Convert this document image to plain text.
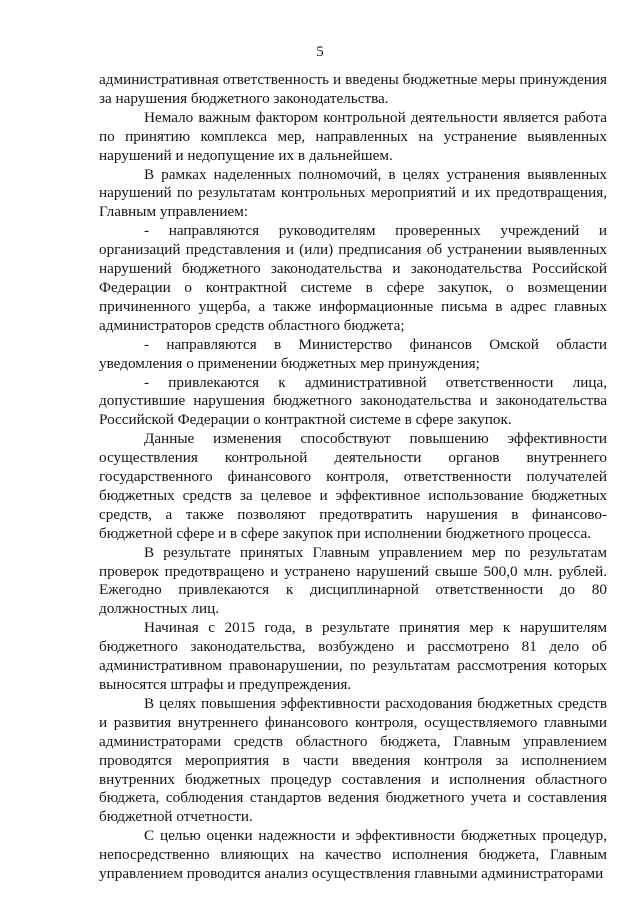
5

административная ответственность и введены бюджетные меры принуждения за нарушения бюджетного законодательства.

Немало важным фактором контрольной деятельности является работа по принятию комплекса мер, направленных на устранение выявленных нарушений и недопущение их в дальнейшем.

В рамках наделенных полномочий, в целях устранения выявленных нарушений по результатам контрольных мероприятий и их предотвращения, Главным управлением:

- направляются руководителям проверенных учреждений и организаций представления и (или) предписания об устранении выявленных нарушений бюджетного законодательства и законодательства Российской Федерации о контрактной системе в сфере закупок, о возмещении причиненного ущерба, а также информационные письма в адрес главных администраторов средств областного бюджета;

- направляются в Министерство финансов Омской области уведомления о применении бюджетных мер принуждения;

- привлекаются к административной ответственности лица, допустившие нарушения бюджетного законодательства и законодательства Российской Федерации о контрактной системе в сфере закупок.

Данные изменения способствуют повышению эффективности осуществления контрольной деятельности органов внутреннего государственного финансового контроля, ответственности получателей бюджетных средств за целевое и эффективное использование бюджетных средств, а также позволяют предотвратить нарушения в финансово-бюджетной сфере и в сфере закупок при исполнении бюджетного процесса.

В результате принятых Главным управлением мер по результатам проверок предотвращено и устранено нарушений свыше 500,0 млн. рублей. Ежегодно привлекаются к дисциплинарной ответственности до 80 должностных лиц.

Начиная с 2015 года, в результате принятия мер к нарушителям бюджетного законодательства, возбуждено и рассмотрено 81 дело об административном правонарушении, по результатам рассмотрения которых выносятся штрафы и предупреждения.

В целях повышения эффективности расходования бюджетных средств и развития внутреннего финансового контроля, осуществляемого главными администраторами средств областного бюджета, Главным управлением проводятся мероприятия в части введения контроля за исполнением внутренних бюджетных процедур составления и исполнения областного бюджета, соблюдения стандартов ведения бюджетного учета и составления бюджетной отчетности.

С целью оценки надежности и эффективности бюджетных процедур, непосредственно влияющих на качество исполнения бюджета, Главным управлением проводится анализ осуществления главными администраторами
